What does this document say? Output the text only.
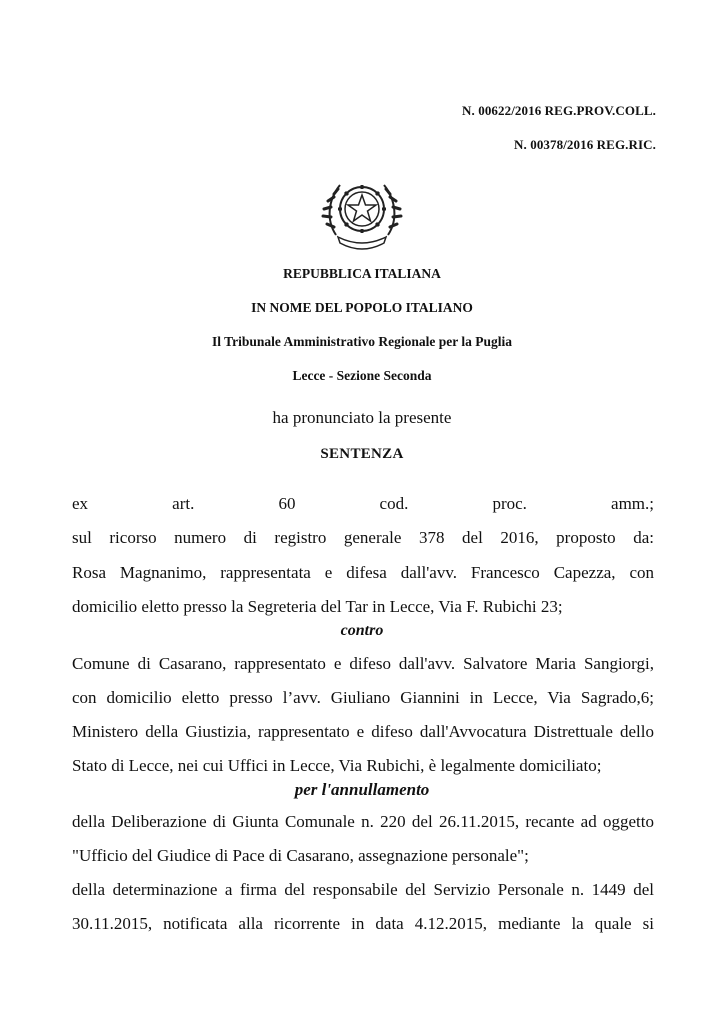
N. 00622/2016 REG.PROV.COLL.
N. 00378/2016 REG.RIC.
REPUBBLICA ITALIANA
IN NOME DEL POPOLO ITALIANO
Il Tribunale Amministrativo Regionale per la Puglia
Lecce - Sezione Seconda
ha pronunciato la presente
SENTENZA
ex art. 60 cod. proc. amm.;
sul ricorso numero di registro generale 378 del 2016, proposto da:
Rosa Magnanimo, rappresentata e difesa dall'avv. Francesco Capezza, con
domicilio eletto presso la Segreteria del Tar in Lecce, Via F. Rubichi 23;
contro
Comune di Casarano, rappresentato e difeso dall'avv. Salvatore Maria Sangiorgi,
con domicilio eletto presso l’avv. Giuliano Giannini in Lecce, Via Sagrado,6;
Ministero della Giustizia, rappresentato e difeso dall'Avvocatura Distrettuale dello
Stato di Lecce, nei cui Uffici in Lecce, Via Rubichi, è legalmente domiciliato;
per l'annullamento
della Deliberazione di Giunta Comunale n. 220 del 26.11.2015, recante ad oggetto
"Ufficio del Giudice di Pace di Casarano, assegnazione personale";
della determinazione a firma del responsabile del Servizio Personale n. 1449 del
30.11.2015, notificata alla ricorrente in data 4.12.2015, mediante la quale si
